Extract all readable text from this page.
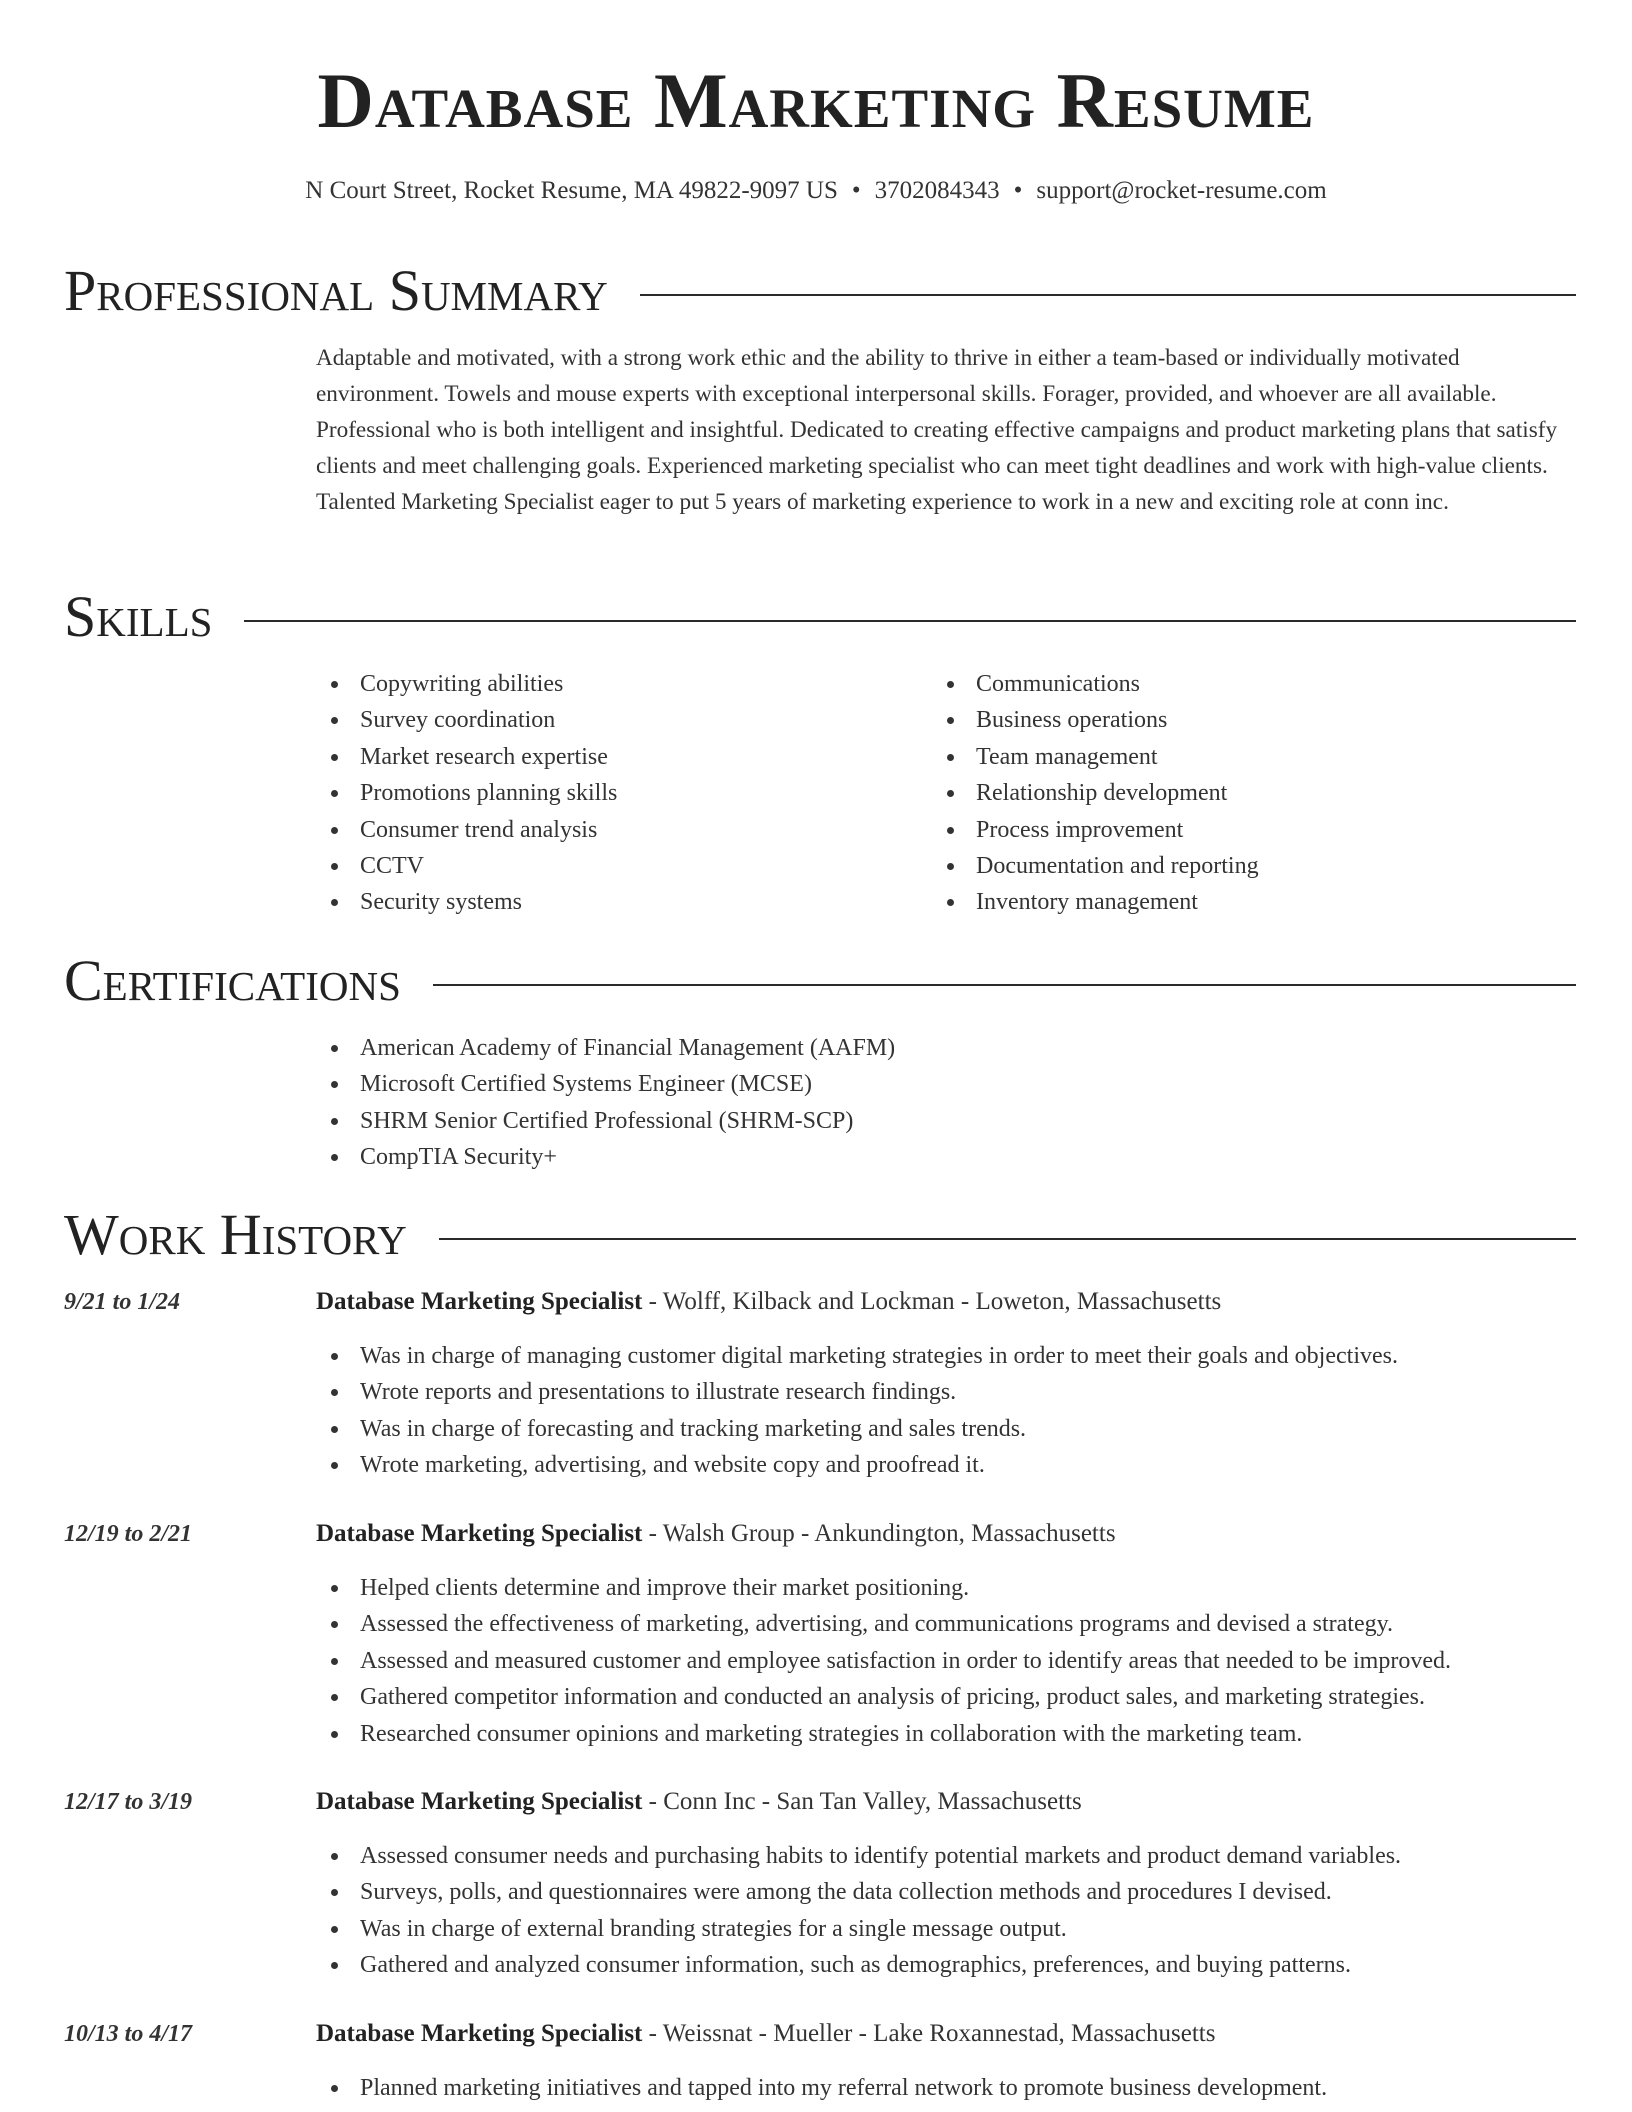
Database Marketing Resume
N Court Street, Rocket Resume, MA 49822-9097 US • 3702084343 • support@rocket-resume.com
Professional Summary

Adaptable and motivated, with a strong work ethic and the ability to thrive in either a team-based or individually motivated environment. Towels and mouse experts with exceptional interpersonal skills. Forager, provided, and whoever are all available. Professional who is both intelligent and insightful. Dedicated to creating effective campaigns and product marketing plans that satisfy clients and meet challenging goals. Experienced marketing specialist who can meet tight deadlines and work with high-value clients. Talented Marketing Specialist eager to put 5 years of marketing experience to work in a new and exciting role at conn inc.

Skills
Copywriting abilities
Survey coordination
Market research expertise
Promotions planning skills
Consumer trend analysis
CCTV
Security systems
Communications
Business operations
Team management
Relationship development
Process improvement
Documentation and reporting
Inventory management
Certifications
American Academy of Financial Management (AAFM)
Microsoft Certified Systems Engineer (MCSE)
SHRM Senior Certified Professional (SHRM-SCP)
CompTIA Security+
Work History
9/21 to 1/24	Database Marketing Specialist - Wolff, Kilback and Lockman - Loweton, Massachusetts
Was in charge of managing customer digital marketing strategies in order to meet their goals and objectives.
Wrote reports and presentations to illustrate research findings.
Was in charge of forecasting and tracking marketing and sales trends.
Wrote marketing, advertising, and website copy and proofread it.
12/19 to 2/21	Database Marketing Specialist - Walsh Group - Ankundington, Massachusetts
Helped clients determine and improve their market positioning.
Assessed the effectiveness of marketing, advertising, and communications programs and devised a strategy.
Assessed and measured customer and employee satisfaction in order to identify areas that needed to be improved.
Gathered competitor information and conducted an analysis of pricing, product sales, and marketing strategies.
Researched consumer opinions and marketing strategies in collaboration with the marketing team.
12/17 to 3/19	Database Marketing Specialist - Conn Inc - San Tan Valley, Massachusetts
Assessed consumer needs and purchasing habits to identify potential markets and product demand variables.
Surveys, polls, and questionnaires were among the data collection methods and procedures I devised.
Was in charge of external branding strategies for a single message output.
Gathered and analyzed consumer information, such as demographics, preferences, and buying patterns.
10/13 to 4/17	Database Marketing Specialist - Weissnat - Mueller - Lake Roxannestad, Massachusetts
Planned marketing initiatives and tapped into my referral network to promote business development.
